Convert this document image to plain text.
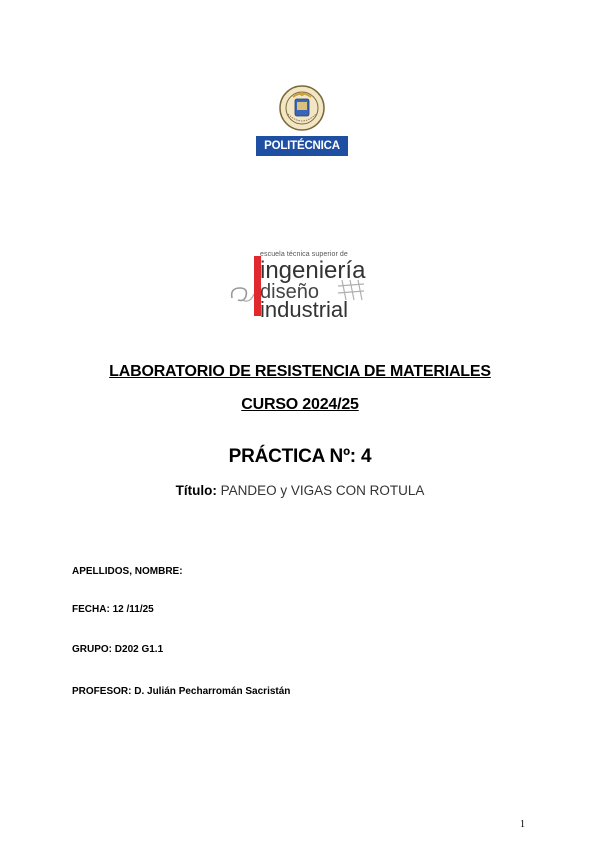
POLITÉCNICA
escuela técnica superior de
ingeniería
diseño
industrial
LABORATORIO DE RESISTENCIA DE MATERIALES
CURSO 2024/25
PRÁCTICA Nº: 4
Título: PANDEO y VIGAS CON ROTULA
APELLIDOS, NOMBRE:
FECHA: 12 /11/25
GRUPO: D202 G1.1
PROFESOR: D. Julián Pecharromán Sacristán
1
